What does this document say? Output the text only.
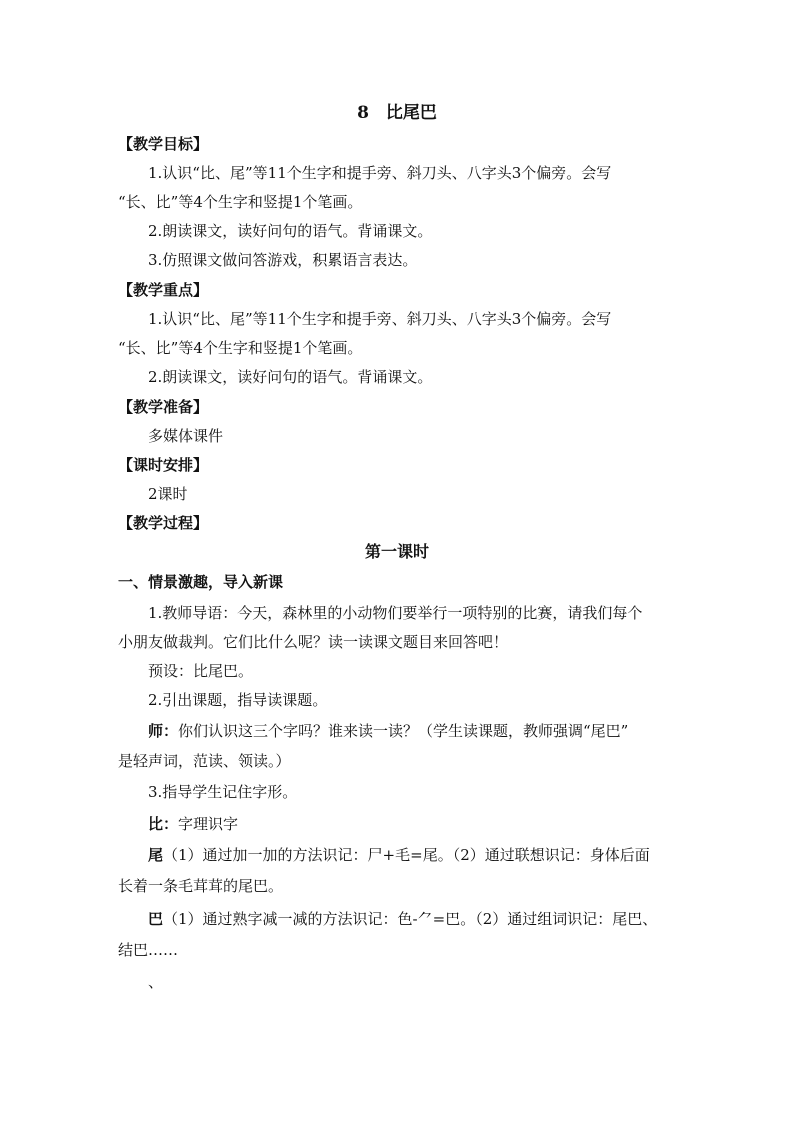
8　比尾巴
【教学目标】
1.认识“比、尾”等11个生字和提手旁、斜刀头、八字头3个偏旁。会写
“长、比”等4个生字和竖提1个笔画。
2.朗读课文，读好问句的语气。背诵课文。
3.仿照课文做问答游戏，积累语言表达。
【教学重点】
1.认识“比、尾”等11个生字和提手旁、斜刀头、八字头3个偏旁。会写
“长、比”等4个生字和竖提1个笔画。
2.朗读课文，读好问句的语气。背诵课文。
【教学准备】
多媒体课件
【课时安排】
2课时
【教学过程】
第一课时
一、情景激趣，导入新课
1.教师导语：今天，森林里的小动物们要举行一项特别的比赛，请我们每个
小朋友做裁判。它们比什么呢？读一读课文题目来回答吧！
预设：比尾巴。
2.引出课题，指导读课题。
师：你们认识这三个字吗？谁来读一读？（学生读课题，教师强调“尾巴”
是轻声词，范读、领读。）
3.指导学生记住字形。
比：字理识字
尾（1）通过加一加的方法识记：尸+毛=尾。（2）通过联想识记：身体后面
长着一条毛茸茸的尾巴。
巴（1）通过熟字减一减的方法识记：色-⺈=巴。（2）通过组词识记：尾巴、
结巴……
、
